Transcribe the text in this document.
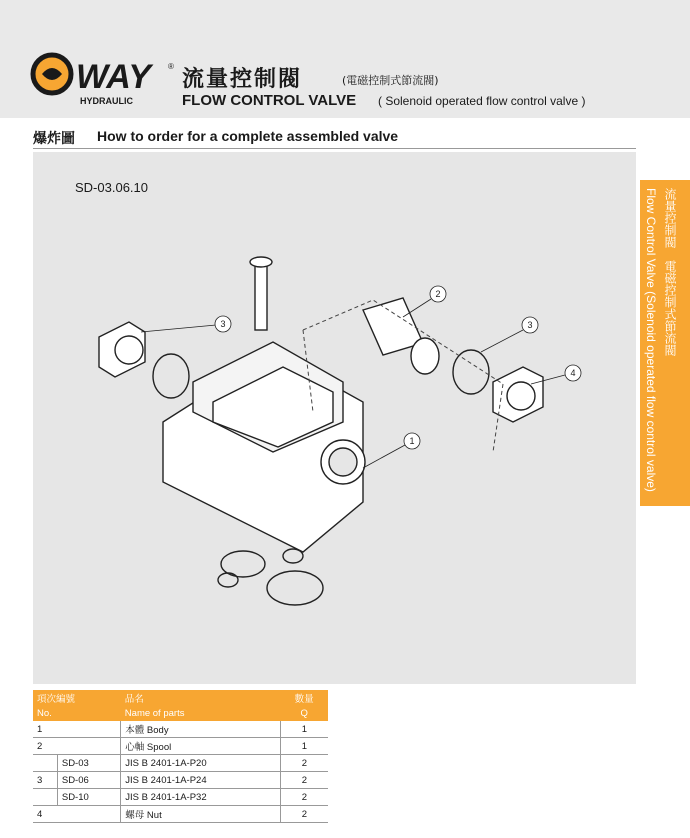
WAY
HYDRAULIC
®
流量控制閥	(電磁控制式節流閥)
FLOW CONTROL VALVE ( Solenoid operated flow control valve )
爆炸圖 How to order for a complete assembled valve
SD-03.06.10
3
2
3
4
1	Flow Control Valve (Solenoid operated flow control valve) 流量控制閥　電磁控制式節流閥
項次編號		品名	數量
No.		Name of parts	Q
1		本體 Body	1
2		心軸 Spool	1
	SD-03	JIS B 2401-1A-P20	2
3	SD-06	JIS B 2401-1A-P24	2
	SD-10	JIS B 2401-1A-P32	2
4		螺母 Nut	2
